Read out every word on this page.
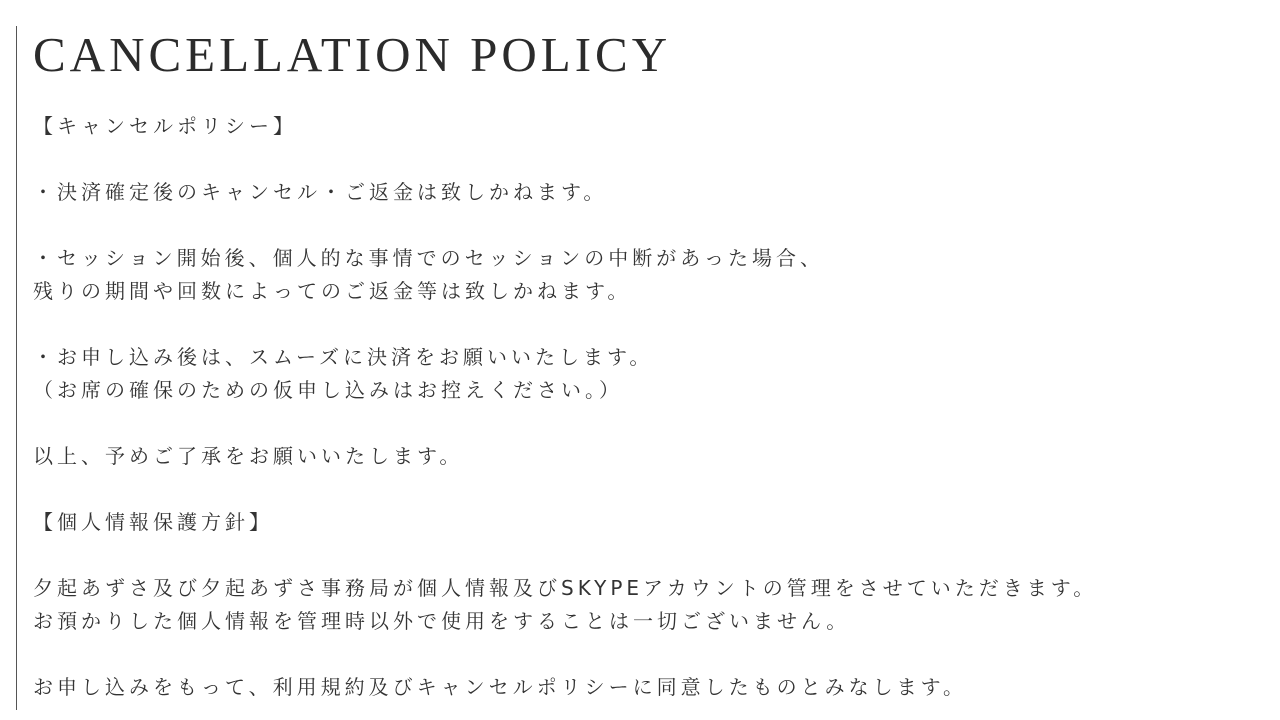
CANCELLATION POLICY
【キャンセルポリシー】
・決済確定後のキャンセル・ご返金は致しかねます。
・セッション開始後、個人的な事情でのセッションの中断があった場合、
残りの期間や回数によってのご返金等は致しかねます。
・お申し込み後は、スムーズに決済をお願いいたします。
（お席の確保のための仮申し込みはお控えください。）
以上、予めご了承をお願いいたします。
【個人情報保護方針】
夕起あずさ及び夕起あずさ事務局が個人情報及びSKYPEアカウントの管理をさせていただきます。
お預かりした個人情報を管理時以外で使用をすることは一切ございません。
お申し込みをもって、利用規約及びキャンセルポリシーに同意したものとみなします。
